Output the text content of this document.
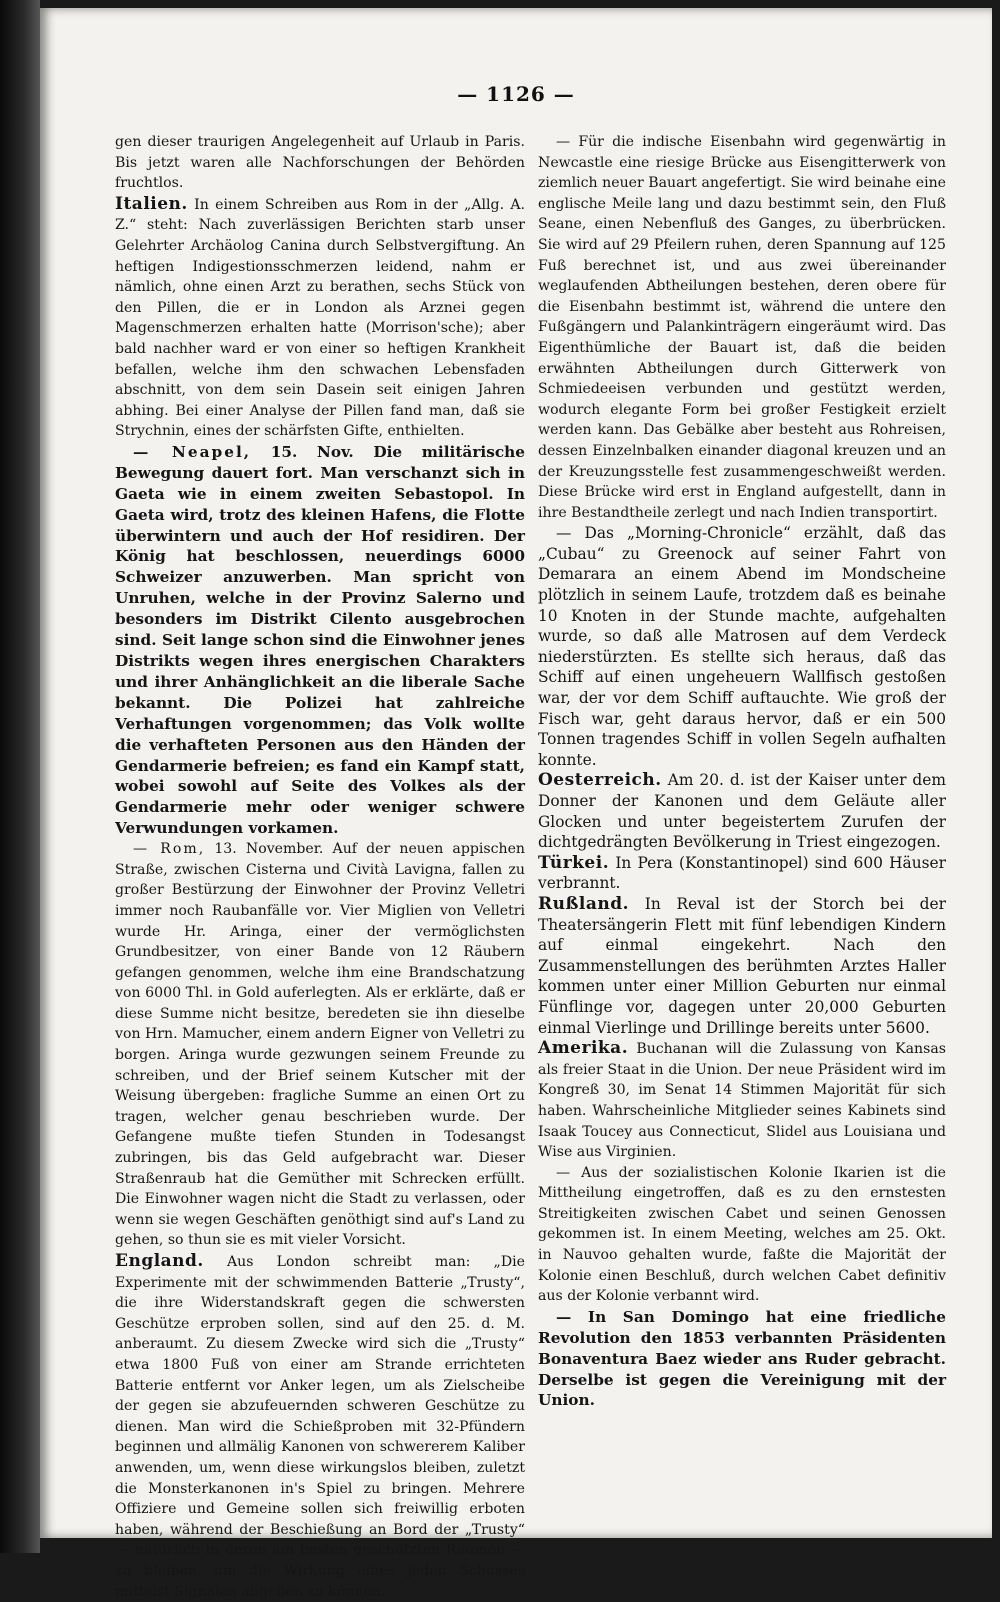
— 1126 —

gen dieser traurigen Angelegenheit auf Urlaub in Paris. Bis jetzt waren alle Nachforschungen der Behörden fruchtlos.

Italien. In einem Schreiben aus Rom in der „Allg. A. Z.“ steht: Nach zuverlässigen Berichten starb unser Gelehrter Archäolog Canina durch Selbstvergiftung. An heftigen Indigestionsschmerzen leidend, nahm er nämlich, ohne einen Arzt zu berathen, sechs Stück von den Pillen, die er in London als Arznei gegen Magenschmerzen erhalten hatte (Morrison'sche); aber bald nachher ward er von einer so heftigen Krankheit befallen, welche ihm den schwachen Lebensfaden abschnitt, von dem sein Dasein seit einigen Jahren abhing. Bei einer Analyse der Pillen fand man, daß sie Strychnin, eines der schärfsten Gifte, enthielten.

— Neapel, 15. Nov. Die militärische Bewegung dauert fort. Man verschanzt sich in Gaeta wie in einem zweiten Sebastopol. In Gaeta wird, trotz des kleinen Hafens, die Flotte überwintern und auch der Hof residiren. Der König hat beschlossen, neuerdings 6000 Schweizer anzuwerben. Man spricht von Unruhen, welche in der Provinz Salerno und besonders im Distrikt Cilento ausgebrochen sind. Seit lange schon sind die Einwohner jenes Distrikts wegen ihres energischen Charakters und ihrer Anhänglichkeit an die liberale Sache bekannt. Die Polizei hat zahlreiche Verhaftungen vorgenommen; das Volk wollte die verhafteten Personen aus den Händen der Gendarmerie befreien; es fand ein Kampf statt, wobei sowohl auf Seite des Volkes als der Gendarmerie mehr oder weniger schwere Verwundungen vorkamen.

— Rom, 13. November. Auf der neuen appischen Straße, zwischen Cisterna und Cività Lavigna, fallen zu großer Bestürzung der Einwohner der Provinz Velletri immer noch Raubanfälle vor. Vier Miglien von Velletri wurde Hr. Aringa, einer der vermöglichsten Grundbesitzer, von einer Bande von 12 Räubern gefangen genommen, welche ihm eine Brandschatzung von 6000 Thl. in Gold auferlegten. Als er erklärte, daß er diese Summe nicht besitze, beredeten sie ihn dieselbe von Hrn. Mamucher, einem andern Eigner von Velletri zu borgen. Aringa wurde gezwungen seinem Freunde zu schreiben, und der Brief seinem Kutscher mit der Weisung übergeben: fragliche Summe an einen Ort zu tragen, welcher genau beschrieben wurde. Der Gefangene mußte tiefen Stunden in Todesangst zubringen, bis das Geld aufgebracht war. Dieser Straßenraub hat die Gemüther mit Schrecken erfüllt. Die Einwohner wagen nicht die Stadt zu verlassen, oder wenn sie wegen Geschäften genöthigt sind auf's Land zu gehen, so thun sie es mit vieler Vorsicht.

England. Aus London schreibt man: „Die Experimente mit der schwimmenden Batterie „Trusty“, die ihre Widerstandskraft gegen die schwersten Geschütze erproben sollen, sind auf den 25. d. M. anberaumt. Zu diesem Zwecke wird sich die „Trusty“ etwa 1800 Fuß von einer am Strande errichteten Batterie entfernt vor Anker legen, um als Zielscheibe der gegen sie abzufeuernden schweren Geschütze zu dienen. Man wird die Schießproben mit 32-Pfündern beginnen und allmälig Kanonen von schwererem Kaliber anwenden, um, wenn diese wirkungslos bleiben, zuletzt die Monsterkanonen in's Spiel zu bringen. Mehrere Offiziere und Gemeine sollen sich freiwillig erboten haben, während der Beschießung an Bord der „Trusty“ — natürlich in deren am besten geschützten Räumen — zu bleiben, um die Wirkung eines jeden Schusses mittelst Signalen abgeben zu können.

— Für die indische Eisenbahn wird gegenwärtig in Newcastle eine riesige Brücke aus Eisengitterwerk von ziemlich neuer Bauart angefertigt. Sie wird beinahe eine englische Meile lang und dazu bestimmt sein, den Fluß Seane, einen Nebenfluß des Ganges, zu überbrücken. Sie wird auf 29 Pfeilern ruhen, deren Spannung auf 125 Fuß berechnet ist, und aus zwei übereinander weglaufenden Abtheilungen bestehen, deren obere für die Eisenbahn bestimmt ist, während die untere den Fußgängern und Palankinträgern eingeräumt wird. Das Eigenthümliche der Bauart ist, daß die beiden erwähnten Abtheilungen durch Gitterwerk von Schmiedeeisen verbunden und gestützt werden, wodurch elegante Form bei großer Festigkeit erzielt werden kann. Das Gebälke aber besteht aus Rohreisen, dessen Einzelnbalken einander diagonal kreuzen und an der Kreuzungsstelle fest zusammengeschweißt werden. Diese Brücke wird erst in England aufgestellt, dann in ihre Bestandtheile zerlegt und nach Indien transportirt.

— Das „Morning-Chronicle“ erzählt, daß das „Cubau“ zu Greenock auf seiner Fahrt von Demarara an einem Abend im Mondscheine plötzlich in seinem Laufe, trotzdem daß es beinahe 10 Knoten in der Stunde machte, aufgehalten wurde, so daß alle Matrosen auf dem Verdeck niederstürzten. Es stellte sich heraus, daß das Schiff auf einen ungeheuern Wallfisch gestoßen war, der vor dem Schiff auftauchte. Wie groß der Fisch war, geht daraus hervor, daß er ein 500 Tonnen tragendes Schiff in vollen Segeln aufhalten konnte.

Oesterreich. Am 20. d. ist der Kaiser unter dem Donner der Kanonen und dem Geläute aller Glocken und unter begeistertem Zurufen der dichtgedrängten Bevölkerung in Triest eingezogen.

Türkei. In Pera (Konstantinopel) sind 600 Häuser verbrannt.

Rußland. In Reval ist der Storch bei der Theatersängerin Flett mit fünf lebendigen Kindern auf einmal eingekehrt. Nach den Zusammenstellungen des berühmten Arztes Haller kommen unter einer Million Geburten nur einmal Fünflinge vor, dagegen unter 20,000 Geburten einmal Vierlinge und Drillinge bereits unter 5600.

Amerika. Buchanan will die Zulassung von Kansas als freier Staat in die Union. Der neue Präsident wird im Kongreß 30, im Senat 14 Stimmen Majorität für sich haben. Wahrscheinliche Mitglieder seines Kabinets sind Isaak Toucey aus Connecticut, Slidel aus Louisiana und Wise aus Virginien.

— Aus der sozialistischen Kolonie Ikarien ist die Mittheilung eingetroffen, daß es zu den ernstesten Streitigkeiten zwischen Cabet und seinen Genossen gekommen ist. In einem Meeting, welches am 25. Okt. in Nauvoo gehalten wurde, faßte die Majorität der Kolonie einen Beschluß, durch welchen Cabet definitiv aus der Kolonie verbannt wird.

— In San Domingo hat eine friedliche Revolution den 1853 verbannten Präsidenten Bonaventura Baez wieder ans Ruder gebracht. Derselbe ist gegen die Vereinigung mit der Union.
